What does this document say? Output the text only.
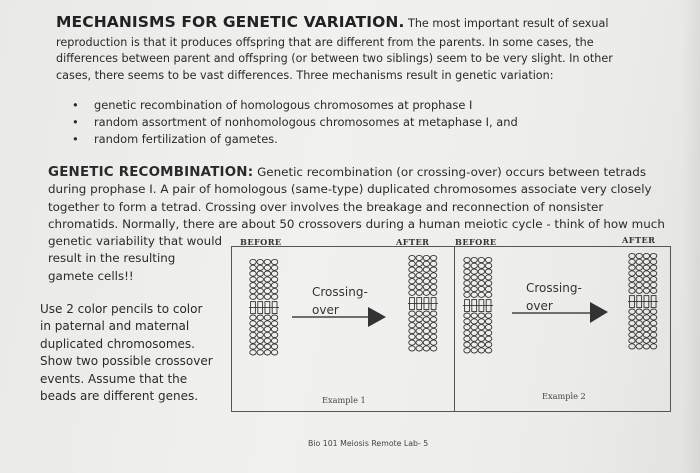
MECHANISMS FOR GENETIC VARIATION. The most important result of sexual
reproduction is that it produces offspring that are different from the parents. In some cases, the
differences between parent and offspring (or between two siblings) seem to be very slight. In other
cases, there seems to be vast differences. Three mechanisms result in genetic variation:
• genetic recombination of homologous chromosomes at prophase I
• random assortment of nonhomologous chromosomes at metaphase I, and
• random fertilization of gametes.
GENETIC RECOMBINATION: Genetic recombination (or crossing-over) occurs between tetrads
during prophase I. A pair of homologous (same-type) duplicated chromosomes associate very closely
together to form a tetrad. Crossing over involves the breakage and reconnection of nonsister
chromatids. Normally, there are about 50 crossovers during a human meiotic cycle - think of how much
genetic variability that would
result in the resulting
gamete cells!!
Use 2 color pencils to color
in paternal and maternal
duplicated chromosomes.
Show two possible crossover
events. Assume that the
beads are different genes.
BEFORE	AFTER	BEFORE	AFTER
Crossing-
over
Crossing-
over
Example 1	Example 2
Bio 101 Meiosis Remote Lab- 5
